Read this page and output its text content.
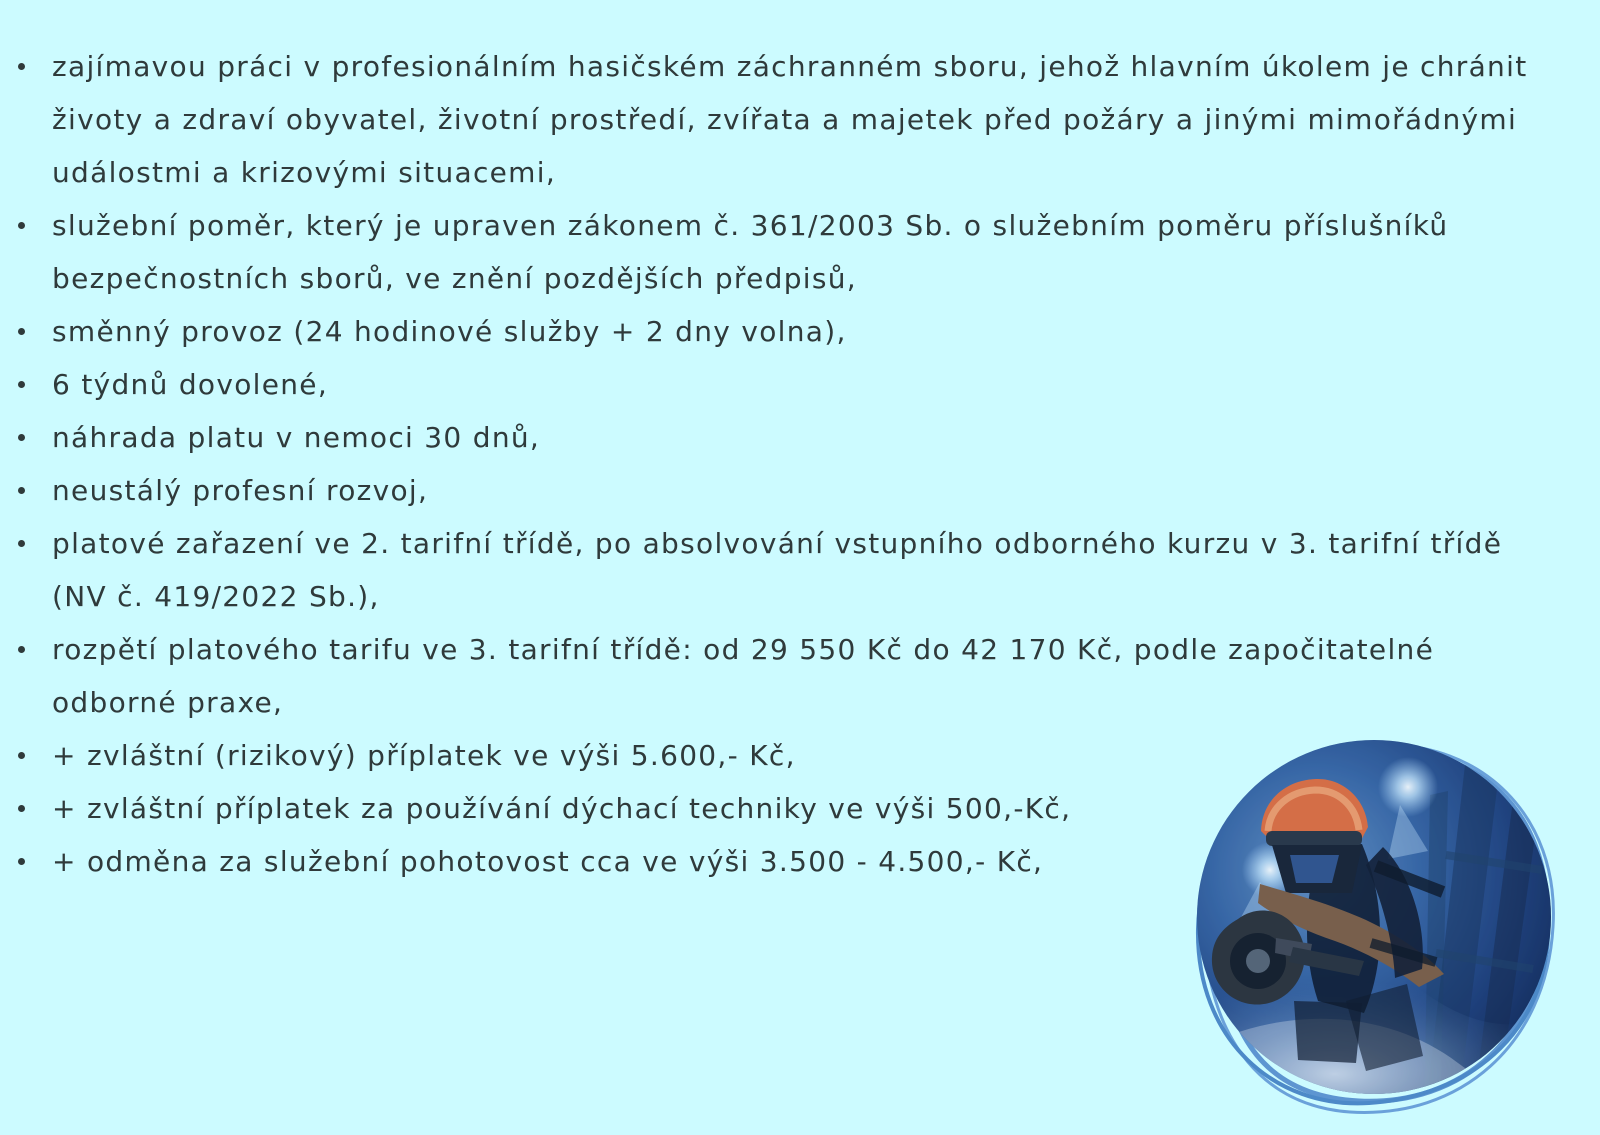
zajímavou práci v profesionálním hasičském záchranném sboru, jehož hlavním úkolem je chránit životy a zdraví obyvatel, životní prostředí, zvířata a majetek před požáry a jinými mimořádnými událostmi a krizovými situacemi,
služební poměr, který je upraven zákonem č. 361/2003 Sb. o služebním poměru příslušníků bezpečnostních sborů, ve znění pozdějších předpisů,
směnný provoz (24 hodinové služby + 2 dny volna),
6 týdnů dovolené,
náhrada platu v nemoci 30 dnů,
neustálý profesní rozvoj,
platové zařazení ve 2. tarifní třídě, po absolvování vstupního odborného kurzu v 3. tarifní třídě (NV č. 419/2022 Sb.),
rozpětí platového tarifu ve 3. tarifní třídě: od 29 550 Kč do 42 170 Kč, podle započitatelné odborné praxe,
+ zvláštní (rizikový) příplatek ve výši 5.600,- Kč,
+ zvláštní příplatek za používání dýchací techniky ve výši 500,-Kč,
+ odměna za služební pohotovost cca ve výši 3.500 - 4.500,- Kč,
